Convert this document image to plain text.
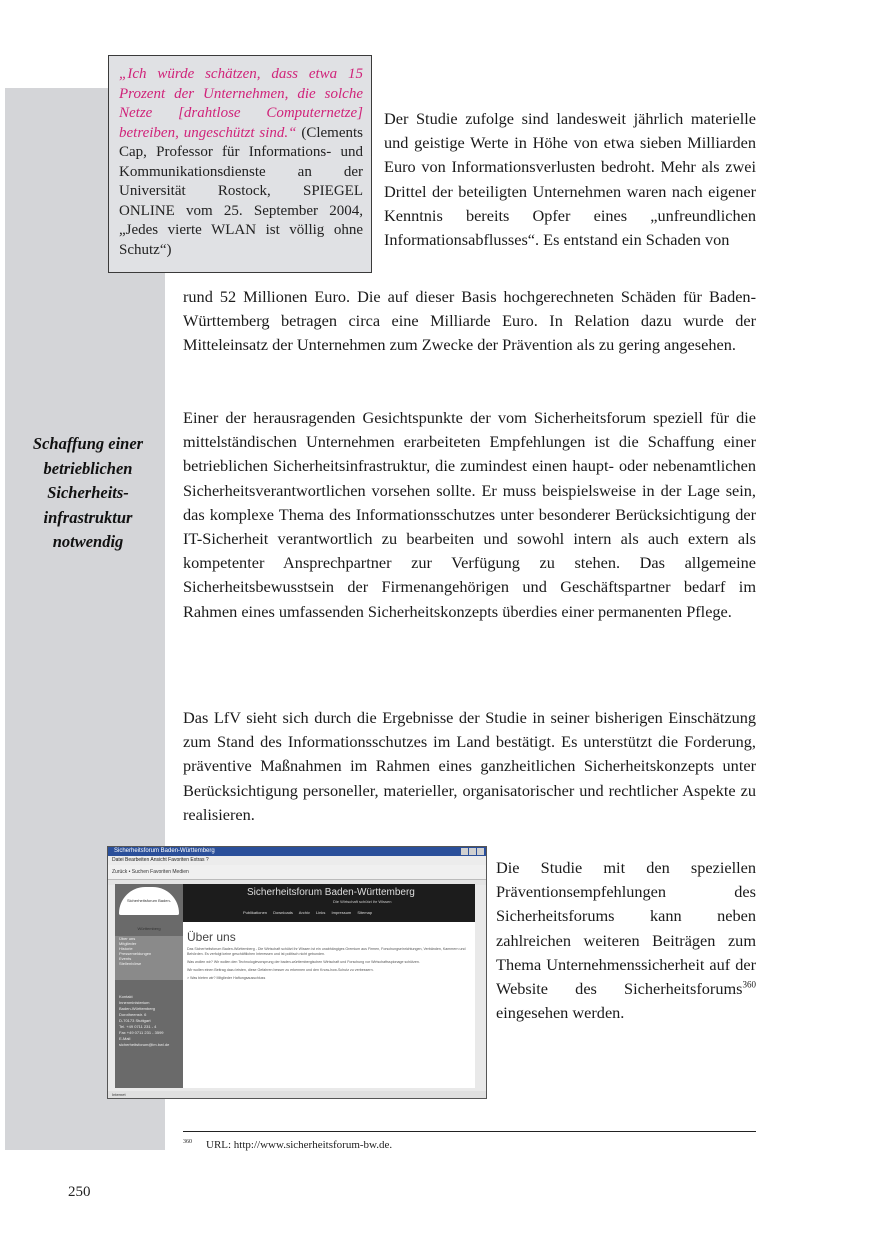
„Ich würde schätzen, dass etwa 15 Prozent der Unternehmen, die solche Netze [drahtlose Computernetze] betreiben, ungeschützt sind.“ (Clements Cap, Professor für Informations- und Kommunikationsdienste an der Universität Rostock, SPIEGEL ONLINE vom 25. September 2004, „Jedes vierte WLAN ist völlig ohne Schutz“)
Der Studie zufolge sind landesweit jährlich materielle und geistige Werte in Höhe von etwa sieben Milliarden Euro von Informationsverlusten bedroht. Mehr als zwei Drittel der beteiligten Unternehmen waren nach eigener Kenntnis bereits Opfer eines „unfreundlichen Informationsabflusses“. Es entstand ein Schaden von
rund 52 Millionen Euro. Die auf dieser Basis hochgerechneten Schäden für Baden-Württemberg betragen circa eine Milliarde Euro. In Relation dazu wurde der Mitteleinsatz der Unternehmen zum Zwecke der Prävention als zu gering angesehen.
Schaffung einer betrieblichen Sicherheits-infrastruktur notwendig
Einer der herausragenden Gesichtspunkte der vom Sicherheitsforum speziell für die mittelständischen Unternehmen erarbeiteten Empfehlungen ist die Schaffung einer betrieblichen Sicherheitsinfrastruktur, die zumindest einen haupt- oder nebenamtlichen Sicherheitsverantwortlichen vorsehen sollte. Er muss beispielsweise in der Lage sein, das komplexe Thema des Informationsschutzes unter besonderer Berücksichtigung der IT-Sicherheit verantwortlich zu bearbeiten und sowohl intern als auch extern als kompetenter Ansprechpartner zur Verfügung zu stehen. Das allgemeine Sicherheitsbewusstsein der Firmenangehörigen und Geschäftspartner bedarf im Rahmen eines umfassenden Sicherheitskonzepts überdies einer permanenten Pflege.
Das LfV sieht sich durch die Ergebnisse der Studie in seiner bisherigen Einschätzung zum Stand des Informationsschutzes im Land bestätigt. Es unterstützt die Forderung, präventive Maßnahmen im Rahmen eines ganzheitlichen Sicherheitskonzepts unter Berücksichtigung personeller, materieller, organisatorischer und rechtlicher Aspekte zu realisieren.
Sicherheitsforum Baden-Württemberg
Datei Bearbeiten Ansicht Favoriten Extras ?
Zurück • Suchen Favoriten Medien
Sicherheitsforum Baden-Württemberg
Über uns
Mitglieder
Historie
Pressemeldungen
Events
Stellenbörse
Kontakt
Innenministerium
Baden-Württemberg
Dorotheenstr. 6
D-70173 Stuttgart
Tel. +49 0711 231 - 4
Fax +49 0711 231 - 3599
E-Mail
sicherheitsforum@im.bwl.de
Sicherheitsforum Baden-Württemberg
Die Wirtschaft schützt ihr Wissen
Publikationen Downloads Archiv Links Impressum Sitemap
Über uns

Das Sicherheitsforum Baden-Württemberg - Die Wirtschaft schützt ihr Wissen ist ein unabhängiges Gremium aus Firmen, Forschungseinrichtungen, Verbänden, Kammern und Behörden. Es verfolgt keine geschäftlichen Interessen und ist politisch nicht gebunden.

Was wollen wir? Wir wollen den Technologievorsprung der baden-württembergischen Wirtschaft und Forschung vor Wirtschaftsspionage schützen.

Wir wollen einen Beitrag dazu leisten, diese Gefahren besser zu erkennen und den Know-how-Schutz zu verbessern.

> Was bieten wir? Mitglieder Haftungsausschluss

Internet
Die Studie mit den speziellen Präventionsempfehlungen des Sicherheitsforums kann neben zahlreichen weiteren Beiträgen zum Thema Unternehmenssicherheit auf der Website des Sicherheitsforums$^{360}$ eingesehen werden.
$^{360}$ URL: http://www.sicherheitsforum-bw.de.
250
